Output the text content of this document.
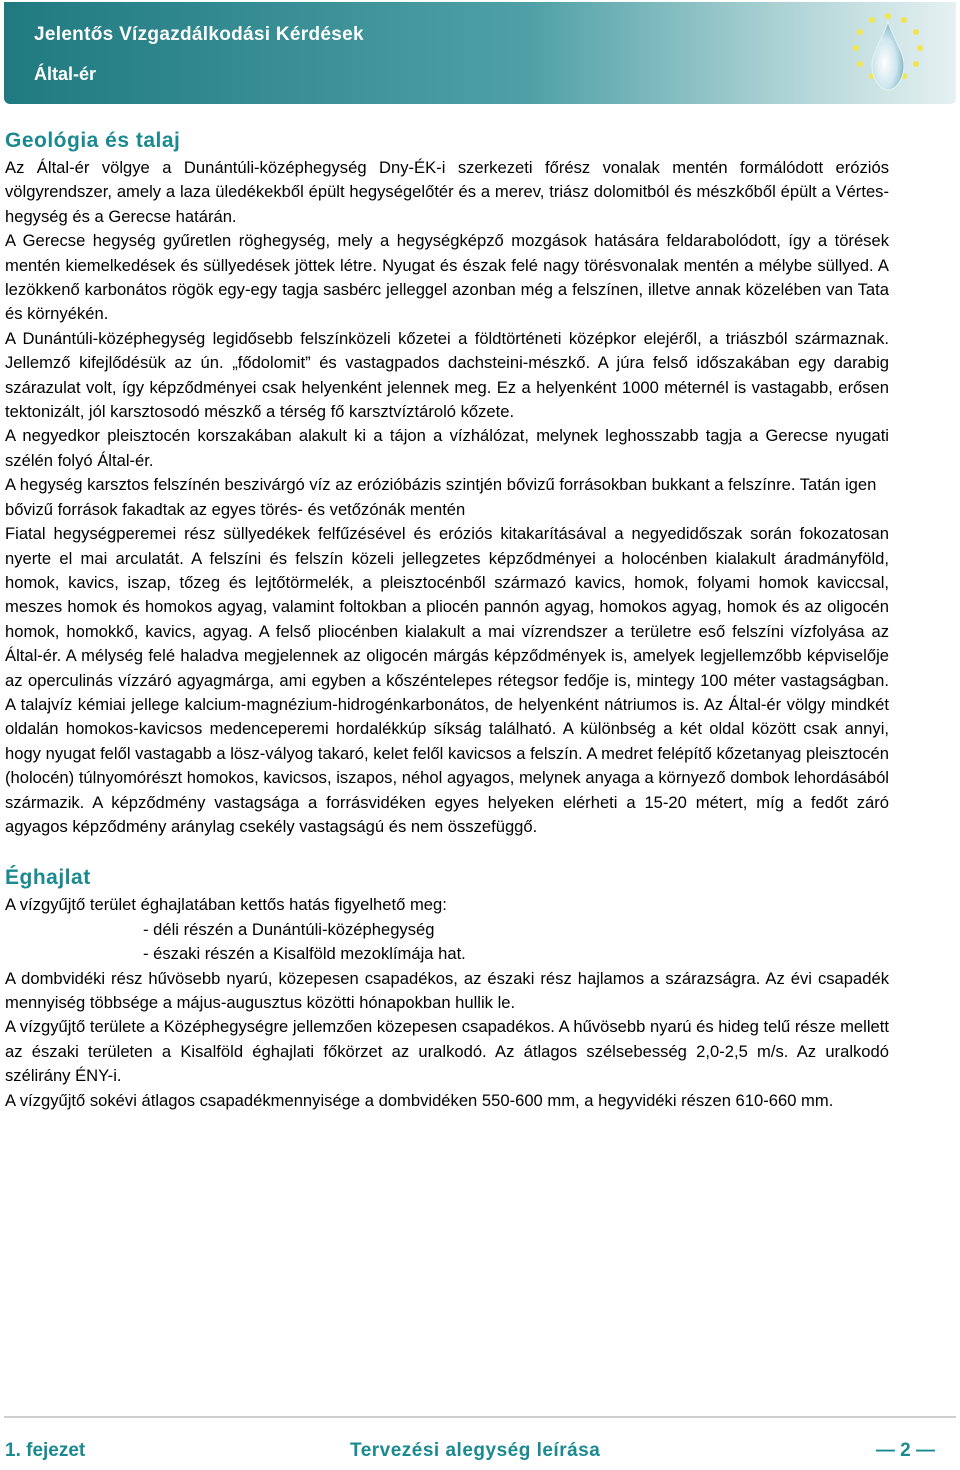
Jelentős Vízgazdálkodási Kérdések
Által-ér
Geológia és talaj

Az Által-ér völgye a Dunántúli-középhegység Dny-ÉK-i szerkezeti főrész vonalak mentén formálódott eróziós völgyrendszer, amely a laza üledékekből épült hegységelőtér és a merev, triász dolomitból és mészkőből épült a Vértes-hegység és a Gerecse határán.

A Gerecse hegység gyűretlen röghegység, mely a hegységképző mozgások hatására feldarabolódott, így a törések mentén kiemelkedések és süllyedések jöttek létre. Nyugat és észak felé nagy törésvonalak mentén a mélybe süllyed. A lezökkenő karbonátos rögök egy-egy tagja sasbérc jelleggel azonban még a felszínen, illetve annak közelében van Tata és környékén.

A Dunántúli-középhegység legidősebb felszínközeli kőzetei a földtörténeti középkor elejéről, a triászból származnak. Jellemző kifejlődésük az ún. „fődolomit” és vastagpados dachsteini-mészkő. A júra felső időszakában egy darabig szárazulat volt, így képződményei csak helyenként jelennek meg. Ez a helyenként 1000 méternél is vastagabb, erősen tektonizált, jól karsztosodó mészkő a térség fő karsztvíztároló kőzete.

A negyedkor pleisztocén korszakában alakult ki a tájon a vízhálózat, melynek leghosszabb tagja a Gerecse nyugati szélén folyó Által-ér.

A hegység karsztos felszínén beszivárgó víz az erózióbázis szintjén bővizű forrásokban bukkant a felszínre. Tatán igen bővizű források fakadtak az egyes törés- és vetőzónák mentén

Fiatal hegységperemei rész süllyedékek felfűzésével és eróziós kitakarításával a negyedidőszak során fokozatosan nyerte el mai arculatát. A felszíni és felszín közeli jellegzetes képződményei a holocénben kialakult áradmányföld, homok, kavics, iszap, tőzeg és lejtőtörmelék, a pleisztocénből származó kavics, homok, folyami homok kaviccsal, meszes homok és homokos agyag, valamint foltokban a pliocén pannón agyag, homokos agyag, homok és az oligocén homok, homokkő, kavics, agyag. A felső pliocénben kialakult a mai vízrendszer a területre eső felszíni vízfolyása az Által-ér. A mélység felé haladva megjelennek az oligocén márgás képződmények is, amelyek legjellemzőbb képviselője az operculinás vízzáró agyagmárga, ami egyben a kőszéntelepes rétegsor fedője is, mintegy 100 méter vastagságban. A talajvíz kémiai jellege kalcium-magnézium-hidrogénkarbonátos, de helyenként nátriumos is. Az Által-ér völgy mindkét oldalán homokos-kavicsos medenceperemi hordalékkúp síkság található. A különbség a két oldal között csak annyi, hogy nyugat felől vastagabb a lösz-vályog takaró, kelet felől kavicsos a felszín. A medret felépítő kőzetanyag pleisztocén (holocén) túlnyomórészt homokos, kavicsos, iszapos, néhol agyagos, melynek anyaga a környező dombok lehordásából származik. A képződmény vastagsága a forrásvidéken egyes helyeken elérheti a 15-20 métert, míg a fedőt záró agyagos képződmény aránylag csekély vastagságú és nem összefüggő.

Éghajlat

A vízgyűjtő terület éghajlatában kettős hatás figyelhető meg:

- déli részén a Dunántúli-középhegység

- északi részén a Kisalföld mezoklímája hat.

A dombvidéki rész hűvösebb nyarú, közepesen csapadékos, az északi rész hajlamos a szárazságra. Az évi csapadék mennyiség többsége a május-augusztus közötti hónapokban hullik le.

A vízgyűjtő területe a Középhegységre jellemzően közepesen csapadékos. A hűvösebb nyarú és hideg telű része mellett az északi területen a Kisalföld éghajlati főkörzet az uralkodó. Az átlagos szélsebesség 2,0-2,5 m/s. Az uralkodó szélirány ÉNY-i.

A vízgyűjtő sokévi átlagos csapadékmennyisége a dombvidéken 550-600 mm, a hegyvidéki részen 610-660 mm.

1. fejezet	Tervezési alegység leírása	— 2 —
